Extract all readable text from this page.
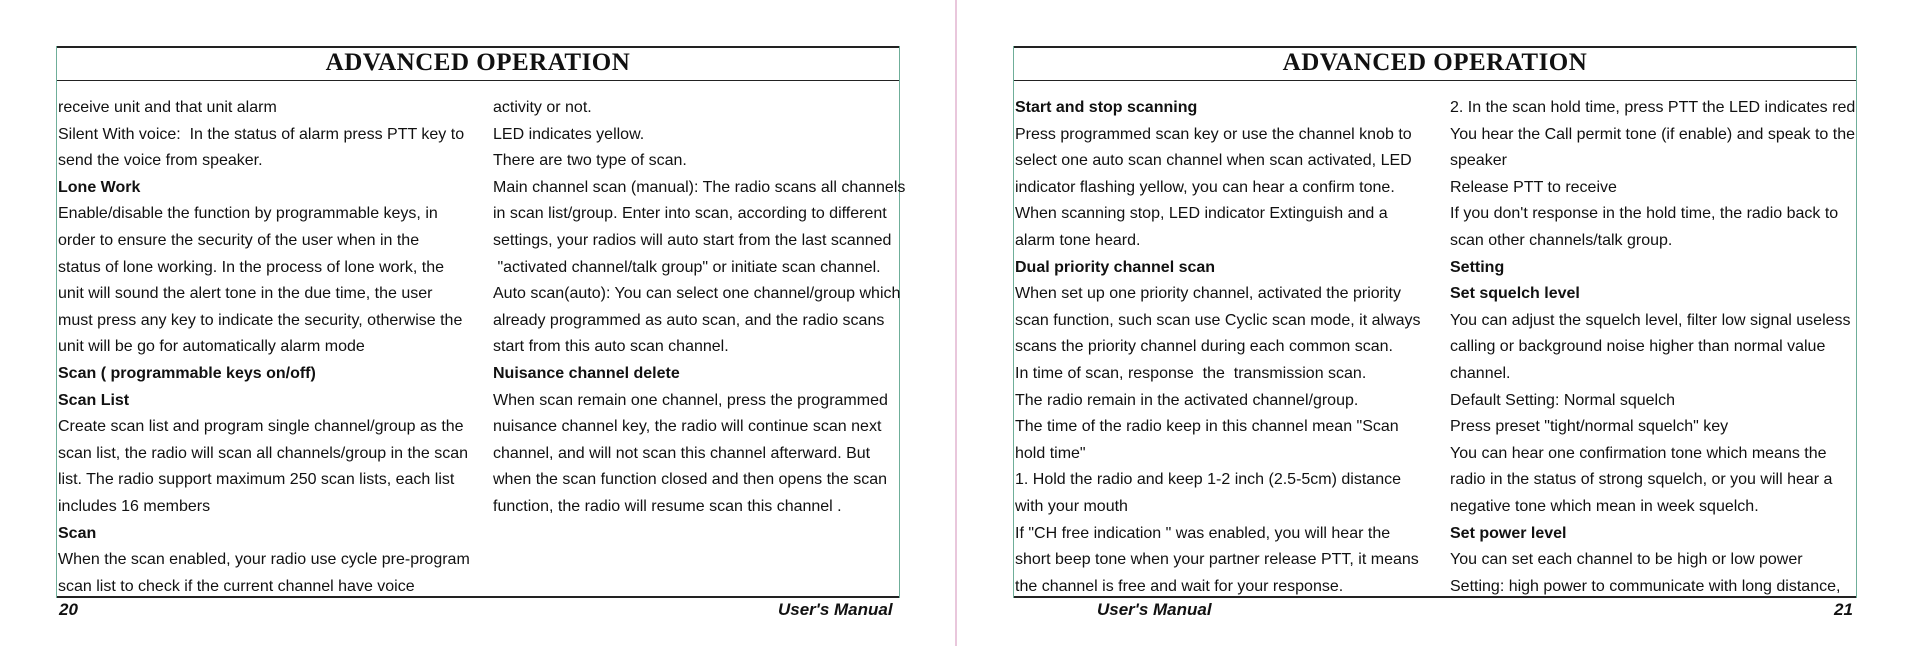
ADVANCED OPERATION
receive unit and that unit alarm
Silent With voice:  In the status of alarm press PTT key to
send the voice from speaker.
Lone Work
Enable/disable the function by programmable keys, in
order to ensure the security of the user when in the
status of lone working. In the process of lone work, the
unit will sound the alert tone in the due time, the user
must press any key to indicate the security, otherwise the
unit will be go for automatically alarm mode
Scan ( programmable keys on/off)
Scan List
Create scan list and program single channel/group as the
scan list, the radio will scan all channels/group in the scan
list. The radio support maximum 250 scan lists, each list
includes 16 members
Scan
When the scan enabled, your radio use cycle pre-program
scan list to check if the current channel have voice
activity or not.
LED indicates yellow.
There are two type of scan.
Main channel scan (manual): The radio scans all channels
in scan list/group. Enter into scan, according to different
settings, your radios will auto start from the last scanned
"activated channel/talk group" or initiate scan channel.
Auto scan(auto): You can select one channel/group which
already programmed as auto scan, and the radio scans
start from this auto scan channel.
Nuisance channel delete
When scan remain one channel, press the programmed
nuisance channel key, the radio will continue scan next
channel, and will not scan this channel afterward. But
when the scan function closed and then opens the scan
function, the radio will resume scan this channel .
20	User's Manual
ADVANCED OPERATION
Start and stop scanning
Press programmed scan key or use the channel knob to
select one auto scan channel when scan activated, LED
indicator flashing yellow, you can hear a confirm tone.
When scanning stop, LED indicator Extinguish and a
alarm tone heard.
Dual priority channel scan
When set up one priority channel, activated the priority
scan function, such scan use Cyclic scan mode, it always
scans the priority channel during each common scan.
In time of scan, response  the  transmission scan.
The radio remain in the activated channel/group.
The time of the radio keep in this channel mean "Scan
hold time"
1. Hold the radio and keep 1-2 inch (2.5-5cm) distance
with your mouth
If "CH free indication " was enabled, you will hear the
short beep tone when your partner release PTT, it means
the channel is free and wait for your response.
2. In the scan hold time, press PTT the LED indicates red
You hear the Call permit tone (if enable) and speak to the
speaker
Release PTT to receive
If you don't response in the hold time, the radio back to
scan other channels/talk group.
Setting
Set squelch level
You can adjust the squelch level, filter low signal useless
calling or background noise higher than normal value
channel.
Default Setting: Normal squelch
Press preset "tight/normal squelch" key
You can hear one confirmation tone which means the
radio in the status of strong squelch, or you will hear a
negative tone which mean in week squelch.
Set power level
You can set each channel to be high or low power
Setting: high power to communicate with long distance,
User's Manual	21
